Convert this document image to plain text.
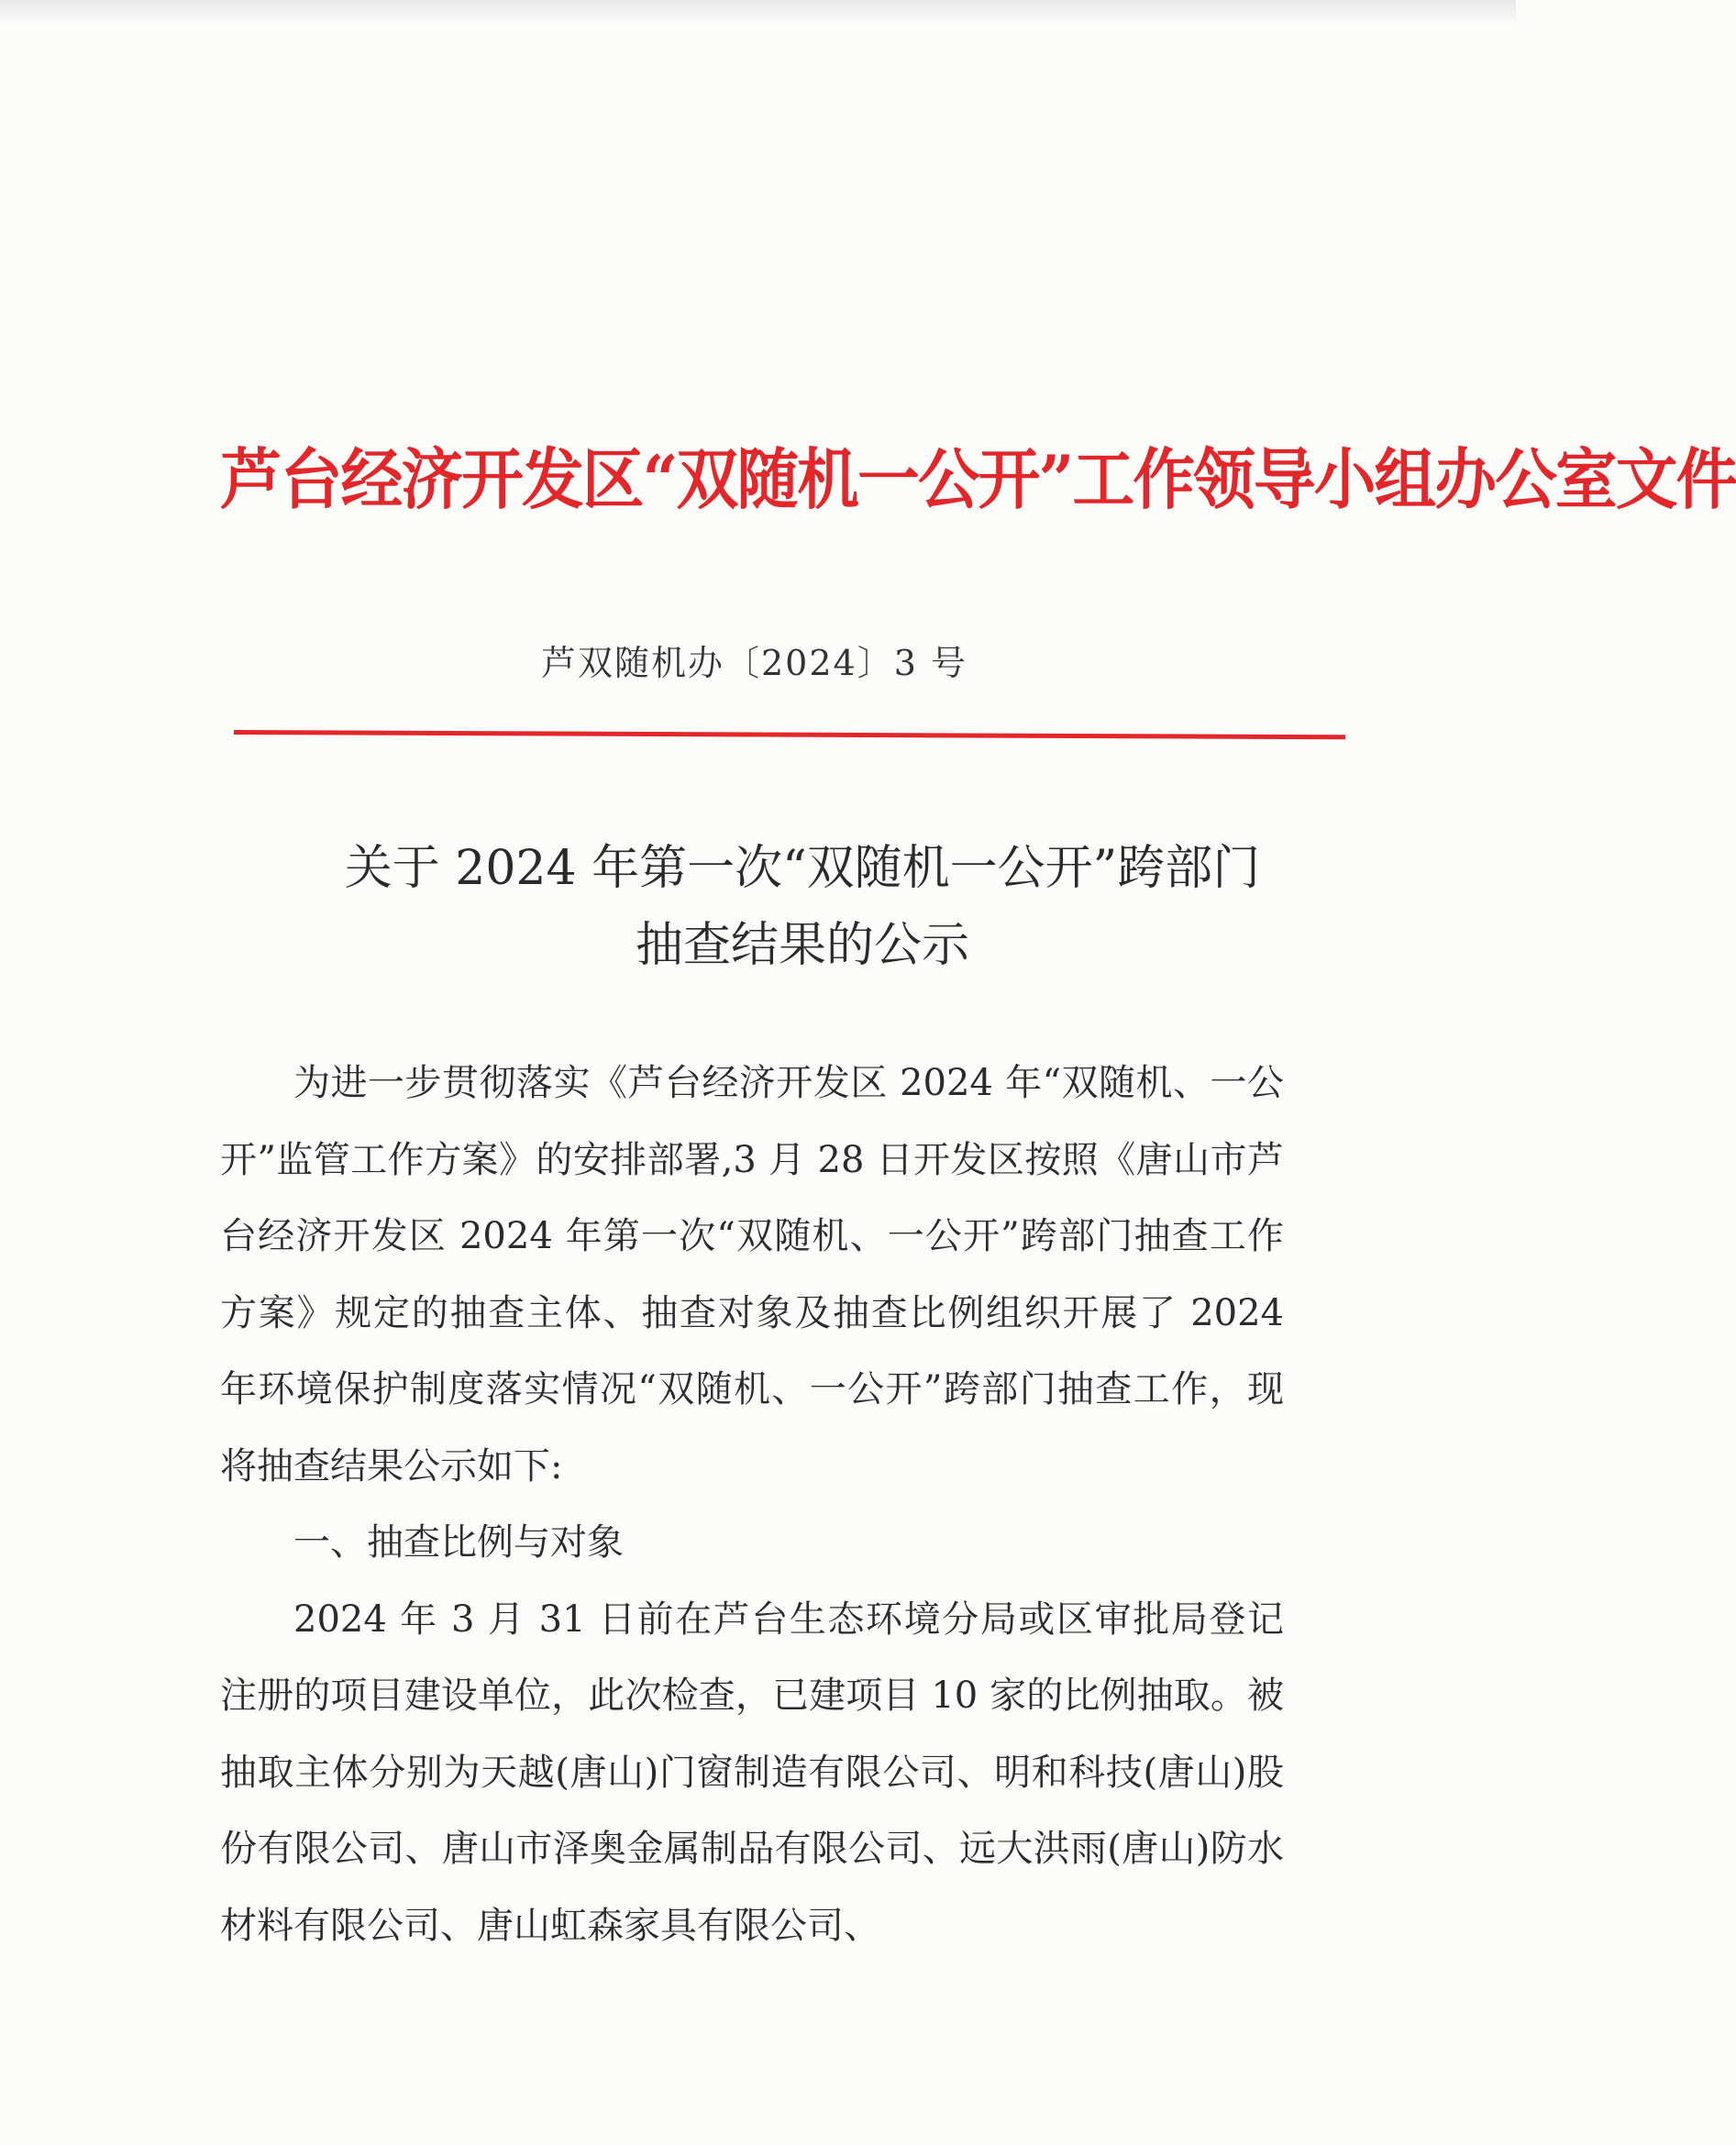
芦台经济开发区“双随机一公开”工作领导小组办公室文件
芦双随机办〔2024〕3 号
关于 2024 年第一次“双随机一公开”跨部门
抽查结果的公示

为进一步贯彻落实《芦台经济开发区 2024 年“双随机、一公开”监管工作方案》的安排部署,3 月 28 日开发区按照《唐山市芦台经济开发区 2024 年第一次“双随机、一公开”跨部门抽查工作方案》规定的抽查主体、抽查对象及抽查比例组织开展了 2024 年环境保护制度落实情况“双随机、一公开”跨部门抽查工作，现将抽查结果公示如下:

一、抽查比例与对象

2024 年 3 月 31 日前在芦台生态环境分局或区审批局登记注册的项目建设单位，此次检查，已建项目 10 家的比例抽取。被抽取主体分别为天越(唐山)门窗制造有限公司、明和科技(唐山)股份有限公司、唐山市泽奥金属制品有限公司、远大洪雨(唐山)防水材料有限公司、唐山虹森家具有限公司、
